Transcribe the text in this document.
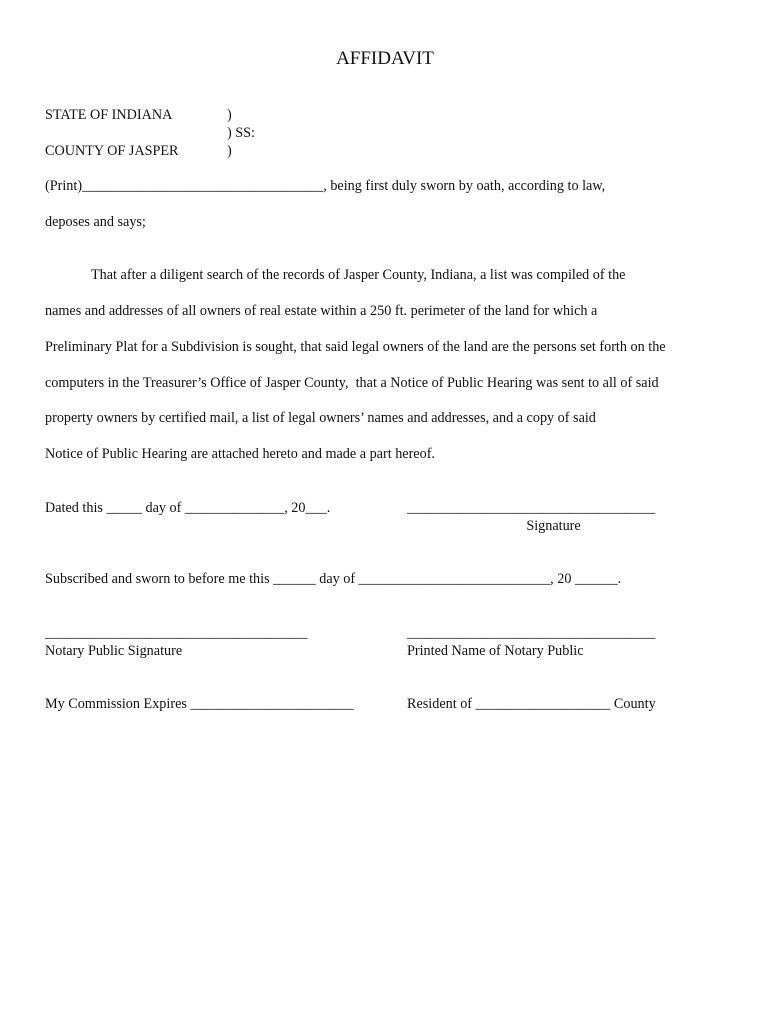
AFFIDAVIT
STATE OF INDIANA	)
) SS:
COUNTY OF JASPER	)
(Print)__________________________________, being first duly sworn by oath, according to law,
deposes and says;
That after a diligent search of the records of Jasper County, Indiana, a list was compiled of the
names and addresses of all owners of real estate within a 250 ft. perimeter of the land for which a
Preliminary Plat for a Subdivision is sought, that said legal owners of the land are the persons set forth on the
computers in the Treasurer’s Office of Jasper County,  that a Notice of Public Hearing was sent to all of said
property owners by certified mail, a list of legal owners’ names and addresses, and a copy of said
Notice of Public Hearing are attached hereto and made a part hereof.
Dated this _____ day of ______________, 20___.	___________________________________
Signature
Subscribed and sworn to before me this ______ day of ___________________________, 20 ______.
_____________________________________	___________________________________
Notary Public Signature	Printed Name of Notary Public
My Commission Expires _______________________	Resident of ___________________ County
